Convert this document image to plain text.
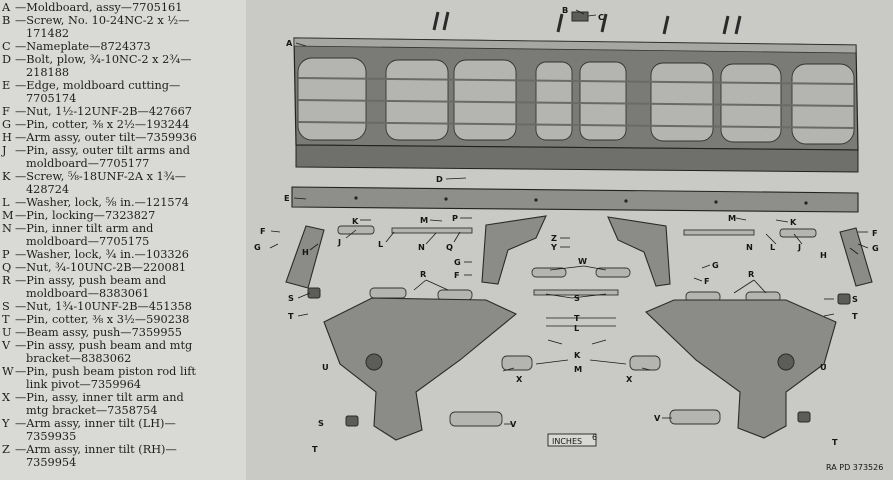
A —Moldboard, assy—7705161
B —Screw, No. 10-24NC-2 x ½—
171482
C —Nameplate—8724373
D —Bolt, plow, ¾-10NC-2 x 2¾—
218188
E —Edge, moldboard cutting—
7705174
F —Nut, 1½-12UNF-2B—427667
G —Pin, cotter, ⅜ x 2½—193244
H —Arm assy, outer tilt—7359936
J —Pin, assy, outer tilt arms and
moldboard—7705177
K —Screw, ⅝-18UNF-2A x 1¾—
428724
L —Washer, lock, ⅝ in.—121574
M—Pin, locking—7323827
N —Pin, inner tilt arm and
moldboard—7705175
P —Washer, lock, ¾ in.—103326
Q —Nut, ¾-10UNC-2B—220081
R —Pin assy, push beam and
moldboard—8383061
S —Nut, 1¾-10UNF-2B—451358
T —Pin, cotter, ⅜ x 3½—590238
U —Beam assy, push—7359955
V —Pin assy, push beam and mtg
bracket—8383062
W—Pin, push beam piston rod lift
link pivot—7359964
X —Pin, assy, inner tilt arm and
mtg bracket—7358754
Y —Arm assy, inner tilt (LH)—
7359935
Z —Arm assy, inner tilt (RH)—
7359954
B
C
A
D
E
F
G	H
K
J	L
M	P
N	Q
Z
Y
G
F
R
W
R
S
T
L
K
M
X	X
U	U
V
V
S
T
T
M	K
N L	J
H
F
G
G
F
S
T
S
T
INCHES 6
RA PD 373526
